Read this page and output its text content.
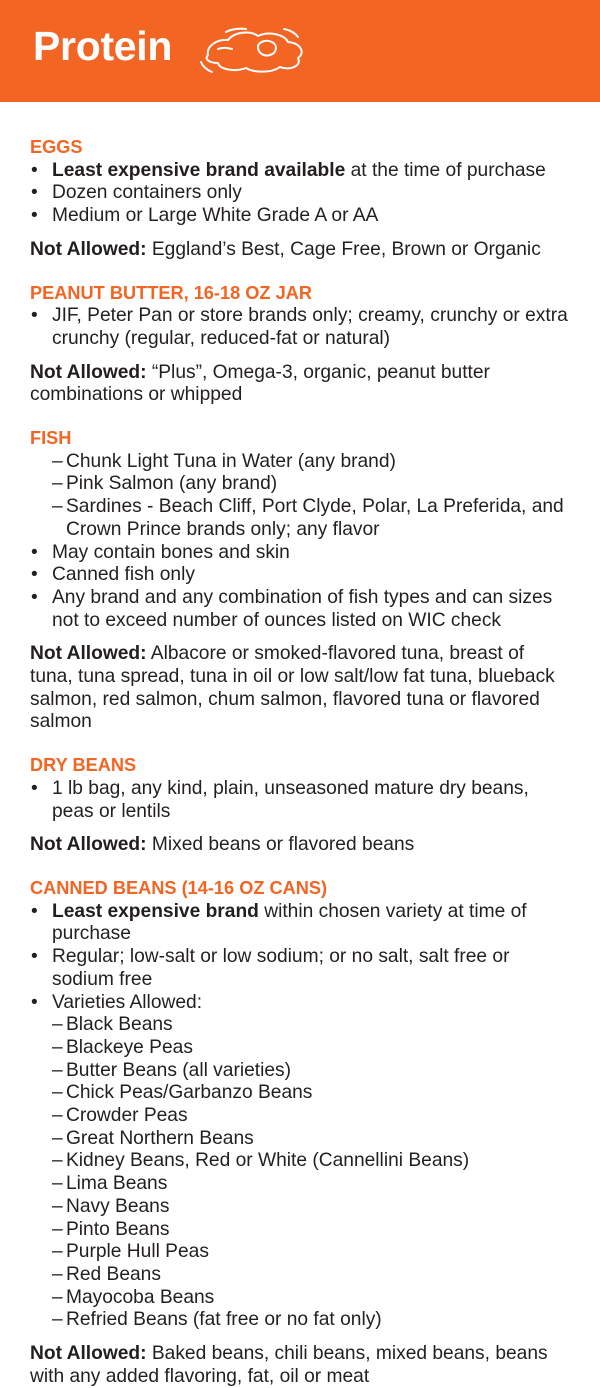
Protein
EGGS
• Least expensive brand available at the time of purchase
• Dozen containers only
• Medium or Large White Grade A or AA
Not Allowed: Eggland’s Best, Cage Free, Brown or Organic
PEANUT BUTTER, 16-18 OZ JAR
• JIF, Peter Pan or store brands only; creamy, crunchy or extra crunchy (regular, reduced-fat or natural)
Not Allowed: “Plus”, Omega-3, organic, peanut butter combinations or whipped
FISH
– Chunk Light Tuna in Water (any brand)
– Pink Salmon (any brand)
– Sardines - Beach Cliff, Port Clyde, Polar, La Preferida, and Crown Prince brands only; any flavor
• May contain bones and skin
• Canned fish only
• Any brand and any combination of fish types and can sizes not to exceed number of ounces listed on WIC check
Not Allowed: Albacore or smoked-flavored tuna, breast of tuna, tuna spread, tuna in oil or low salt/low fat tuna, blueback salmon, red salmon, chum salmon, flavored tuna or flavored salmon
DRY BEANS
• 1 lb bag, any kind, plain, unseasoned mature dry beans, peas or lentils
Not Allowed: Mixed beans or flavored beans
CANNED BEANS (14-16 OZ CANS)
• Least expensive brand within chosen variety at time of purchase
• Regular; low-salt or low sodium; or no salt, salt free or sodium free
• Varieties Allowed:
– Black Beans
– Blackeye Peas
– Butter Beans (all varieties)
– Chick Peas/Garbanzo Beans
– Crowder Peas
– Great Northern Beans
– Kidney Beans, Red or White (Cannellini Beans)
– Lima Beans
– Navy Beans
– Pinto Beans
– Purple Hull Peas
– Red Beans
– Mayocoba Beans
– Refried Beans (fat free or no fat only)
Not Allowed: Baked beans, chili beans, mixed beans, beans with any added flavoring, fat, oil or meat
